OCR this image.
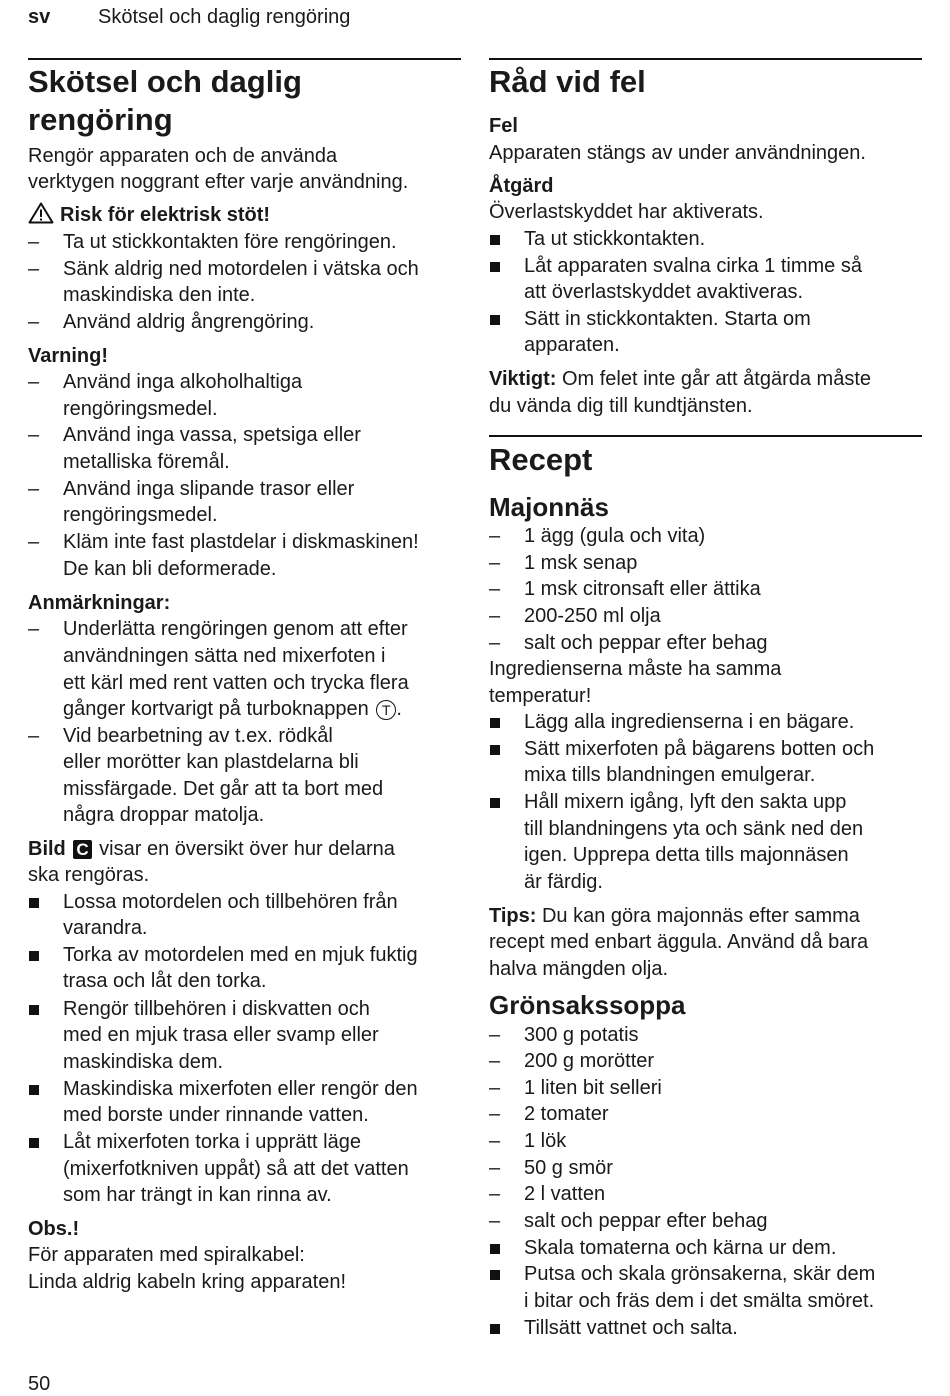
sv Skötsel och daglig rengöring
Skötsel och daglig
rengöring
Rengör apparaten och de använda
verktygen noggrant efter varje användning.
Risk för elektrisk stöt!
–	Ta ut stickkontakten före rengöringen.
–	Sänk aldrig ned motordelen i vätska och
maskindiska den inte.
–	Använd aldrig ångrengöring.
Varning!
–	Använd inga alkoholhaltiga
rengöringsmedel.
–	Använd inga vassa, spetsiga eller
metalliska föremål.
–	Använd inga slipande trasor eller
rengöringsmedel.
–	Kläm inte fast plastdelar i diskmaskinen!
De kan bli deformerade.
Anmärkningar:
–	Underlätta rengöringen genom att efter
användningen sätta ned mixerfoten i
ett kärl med rent vatten och trycka flera
gånger kortvarigt på turboknappen T .
–	Vid bearbetning av t.ex. rödkål
eller morötter kan plastdelarna bli
missfärgade. Det går att ta bort med
några droppar matolja.
Bild C visar en översikt över hur delarna
ska rengöras.
Lossa motordelen och tillbehören från
varandra.
Torka av motordelen med en mjuk fuktig
trasa och låt den torka.
Rengör tillbehören i diskvatten och
med en mjuk trasa eller svamp eller
maskindiska dem.
Maskindiska mixerfoten eller rengör den
med borste under rinnande vatten.
Låt mixerfoten torka i upprätt läge
(mixerfotkniven uppåt) så att det vatten
som har trängt in kan rinna av.
Obs.!
För apparaten med spiralkabel:
Linda aldrig kabeln kring apparaten!
Råd vid fel
Fel
Apparaten stängs av under användningen.
Åtgärd
Överlastskyddet har aktiverats.
Ta ut stickkontakten.
Låt apparaten svalna cirka 1 timme så
att överlastskyddet avaktiveras.
Sätt in stickkontakten. Starta om
apparaten.
Viktigt: Om felet inte går att åtgärda måste
du vända dig till kundtjänsten.
Recept
Majonnäs
–	1 ägg (gula och vita)
–	1 msk senap
–	1 msk citronsaft eller ättika
–	200-250 ml olja
–	salt och peppar efter behag
Ingredienserna måste ha samma
temperatur!
Lägg alla ingredienserna i en bägare.
Sätt mixerfoten på bägarens botten och
mixa tills blandningen emulgerar.
Håll mixern igång, lyft den sakta upp
till blandningens yta och sänk ned den
igen. Upprepa detta tills majonnäsen
är färdig.
Tips: Du kan göra majonnäs efter samma
recept med enbart äggula. Använd då bara
halva mängden olja.
Grönsakssoppa
–	300 g potatis
–	200 g morötter
–	1 liten bit selleri
–	2 tomater
–	1 lök
–	50 g smör
–	2 l vatten
–	salt och peppar efter behag
Skala tomaterna och kärna ur dem.
Putsa och skala grönsakerna, skär dem
i bitar och fräs dem i det smälta smöret.
Tillsätt vattnet och salta.
50
